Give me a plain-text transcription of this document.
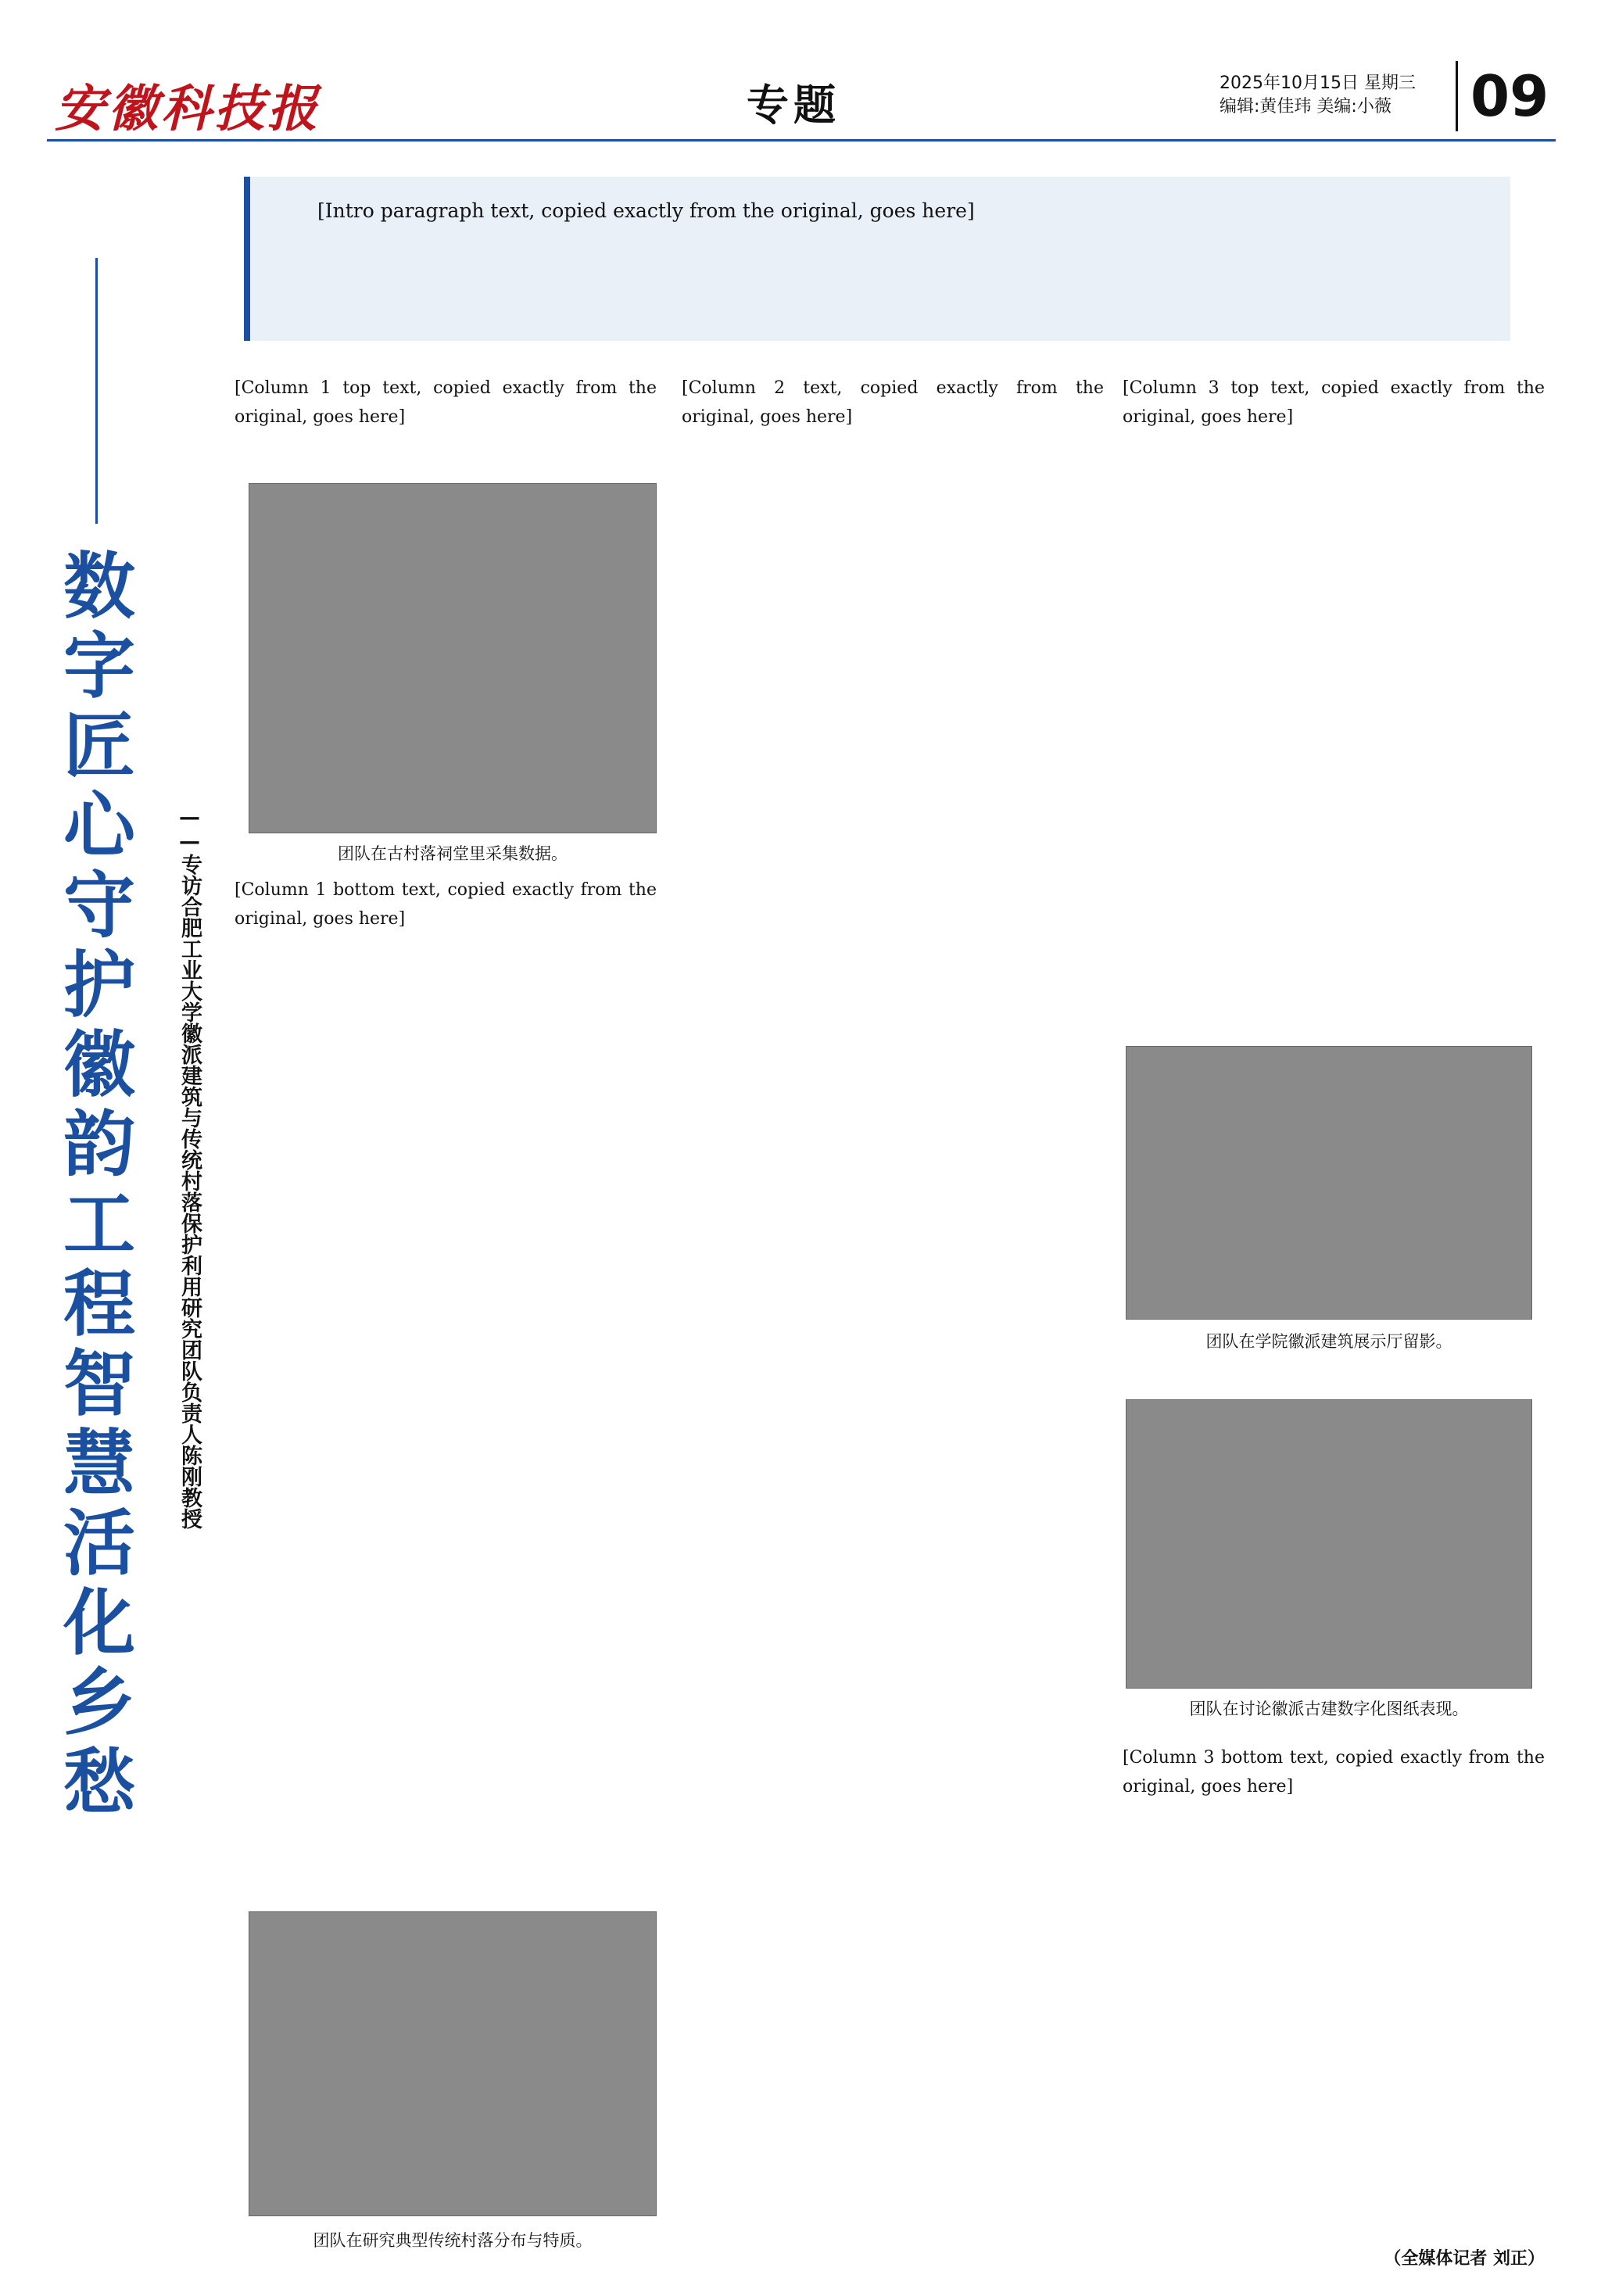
安徽科技报	专题	2025年10月15日 星期三
编辑:黄佳玮 美编:小薇	09
[Intro paragraph text, copied exactly from the original, goes here]
数字匠心守护徽韵 工程智慧活化乡愁
——专访合肥工业大学徽派建筑与传统村落保护利用研究团队负责人陈刚教授
[Column 1 top text, copied exactly from the original, goes here]
团队在古村落祠堂里采集数据。
[Column 1 bottom text, copied exactly from the original, goes here]
团队在研究典型传统村落分布与特质。
[Column 2 text, copied exactly from the original, goes here]
[Column 3 top text, copied exactly from the original, goes here]
团队在学院徽派建筑展示厅留影。
团队在讨论徽派古建数字化图纸表现。
[Column 3 bottom text, copied exactly from the original, goes here]
（全媒体记者 刘正）
